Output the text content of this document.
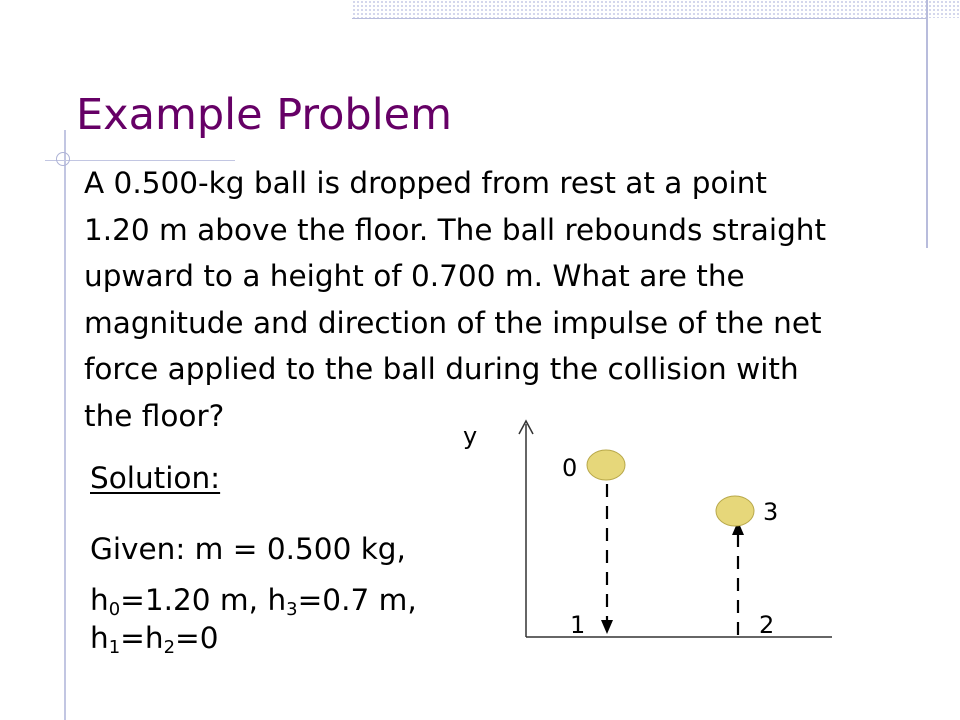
Example Problem
A 0.500-kg ball is dropped from rest at a point
1.20 m above the floor. The ball rebounds straight
upward to a height of 0.700 m. What are the
magnitude and direction of the impulse of the net
force applied to the ball during the collision with
the floor?

Solution:

Given: m = 0.500 kg,

$h_0=1.20$ m, $h_3=0.7$ m,

$h_1=h_2=0$

y
0
3
1	2
